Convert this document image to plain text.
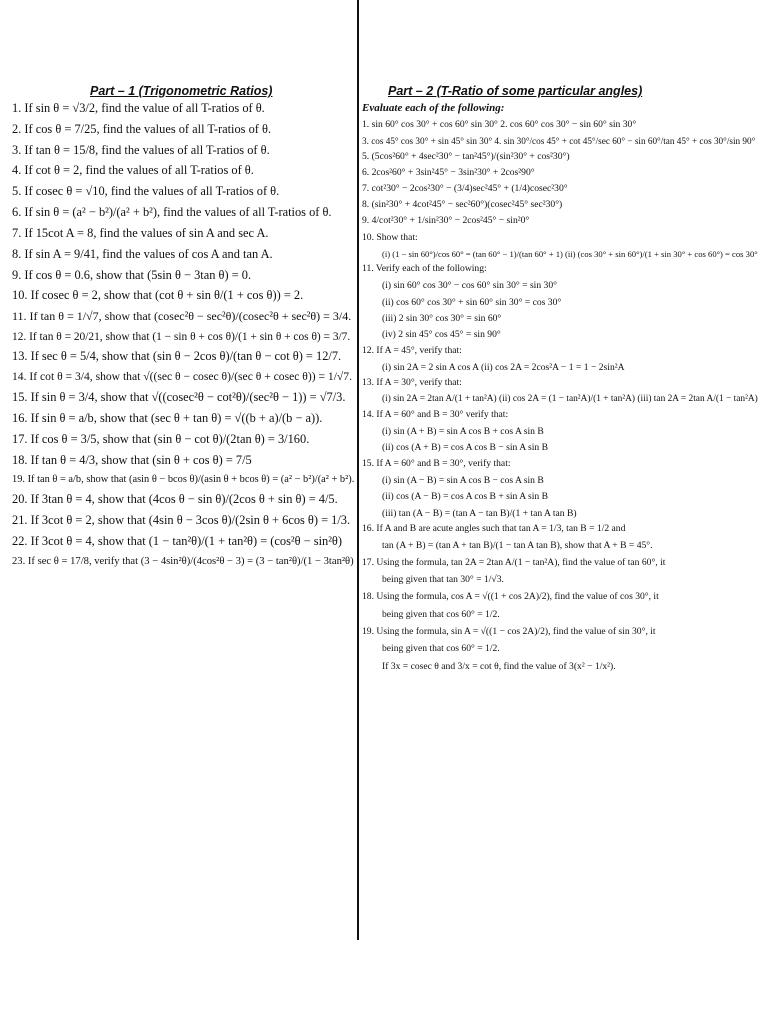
Part – 1 (Trigonometric Ratios)
1. If sin θ = √3/2, find the value of all T-ratios of θ.
2. If cos θ = 7/25, find the values of all T-ratios of θ.
3. If tan θ = 15/8, find the values of all T-ratios of θ.
4. If cot θ = 2, find the values of all T-ratios of θ.
5. If cosec θ = √10, find the values of all T-ratios of θ.
6. If sin θ = (a² − b²)/(a² + b²), find the values of all T-ratios of θ.
7. If 15cot A = 8, find the values of sin A and sec A.
8. If sin A = 9/41, find the values of cos A and tan A.
9. If cos θ = 0.6, show that (5sin θ − 3tan θ) = 0.
10. If cosec θ = 2, show that (cot θ + sin θ/(1 + cos θ)) = 2.
11. If tan θ = 1/√7, show that (cosec²θ − sec²θ)/(cosec²θ + sec²θ) = 3/4.
12. If tan θ = 20/21, show that (1 − sin θ + cos θ)/(1 + sin θ + cos θ) = 3/7.
13. If sec θ = 5/4, show that (sin θ − 2cos θ)/(tan θ − cot θ) = 12/7.
14. If cot θ = 3/4, show that √((sec θ − cosec θ)/(sec θ + cosec θ)) = 1/√7.
15. If sin θ = 3/4, show that √((cosec²θ − cot²θ)/(sec²θ − 1)) = √7/3.
16. If sin θ = a/b, show that (sec θ + tan θ) = √((b + a)/(b − a)).
17. If cos θ = 3/5, show that (sin θ − cot θ)/(2tan θ) = 3/160.
18. If tan θ = 4/3, show that (sin θ + cos θ) = 7/5
19. If tan θ = a/b, show that (asin θ − bcos θ)/(asin θ + bcos θ) = (a² − b²)/(a² + b²).
20. If 3tan θ = 4, show that (4cos θ − sin θ)/(2cos θ + sin θ) = 4/5.
21. If 3cot θ = 2, show that (4sin θ − 3cos θ)/(2sin θ + 6cos θ) = 1/3.
22. If 3cot θ = 4, show that (1 − tan²θ)/(1 + tan²θ) = (cos²θ − sin²θ)
23. If sec θ = 17/8, verify that (3 − 4sin²θ)/(4cos²θ − 3) = (3 − tan²θ)/(1 − 3tan²θ)
Part – 2 (T-Ratio of some particular angles)
Evaluate each of the following:
1. sin 60° cos 30° + cos 60° sin 30° 2. cos 60° cos 30° − sin 60° sin 30°
3. cos 45° cos 30° + sin 45° sin 30° 4. sin 30°/cos 45° + cot 45°/sec 60° − sin 60°/tan 45° + cos 30°/sin 90°
5. (5cos²60° + 4sec²30° − tan²45°)/(sin²30° + cos²30°)
6. 2cos²60° + 3sin²45° − 3sin²30° + 2cos²90°
7. cot²30° − 2cos²30° − (3/4)sec²45° + (1/4)cosec²30°
8. (sin²30° + 4cot²45° − sec²60°)(cosec²45° sec²30°)
9. 4/cot²30° + 1/sin²30° − 2cos²45° − sin²0°
10. Show that:
(i) (1 − sin 60°)/cos 60° = (tan 60° − 1)/(tan 60° + 1) (ii) (cos 30° + sin 60°)/(1 + sin 30° + cos 60°) = cos 30°
11. Verify each of the following:
(i) sin 60° cos 30° − cos 60° sin 30° = sin 30°
(ii) cos 60° cos 30° + sin 60° sin 30° = cos 30°
(iii) 2 sin 30° cos 30° = sin 60°
(iv) 2 sin 45° cos 45° = sin 90°
12. If A = 45°, verify that:
(i) sin 2A = 2 sin A cos A (ii) cos 2A = 2cos²A − 1 = 1 − 2sin²A
13. If A = 30°, verify that:
(i) sin 2A = 2tan A/(1 + tan²A) (ii) cos 2A = (1 − tan²A)/(1 + tan²A) (iii) tan 2A = 2tan A/(1 − tan²A)
14. If A = 60° and B = 30° verify that:
(i) sin (A + B) = sin A cos B + cos A sin B
(ii) cos (A + B) = cos A cos B − sin A sin B
15. If A = 60° and B = 30°, verify that:
(i) sin (A − B) = sin A cos B − cos A sin B
(ii) cos (A − B) = cos A cos B + sin A sin B
(iii) tan (A − B) = (tan A − tan B)/(1 + tan A tan B)
16. If A and B are acute angles such that tan A = 1/3, tan B = 1/2 and
tan (A + B) = (tan A + tan B)/(1 − tan A tan B), show that A + B = 45°.
17. Using the formula, tan 2A = 2tan A/(1 − tan²A), find the value of tan 60°, it
being given that tan 30° = 1/√3.
18. Using the formula, cos A = √((1 + cos 2A)/2), find the value of cos 30°, it
being given that cos 60° = 1/2.
19. Using the formula, sin A = √((1 − cos 2A)/2), find the value of sin 30°, it
being given that cos 60° = 1/2.
If 3x = cosec θ and 3/x = cot θ, find the value of 3(x² − 1/x²).
